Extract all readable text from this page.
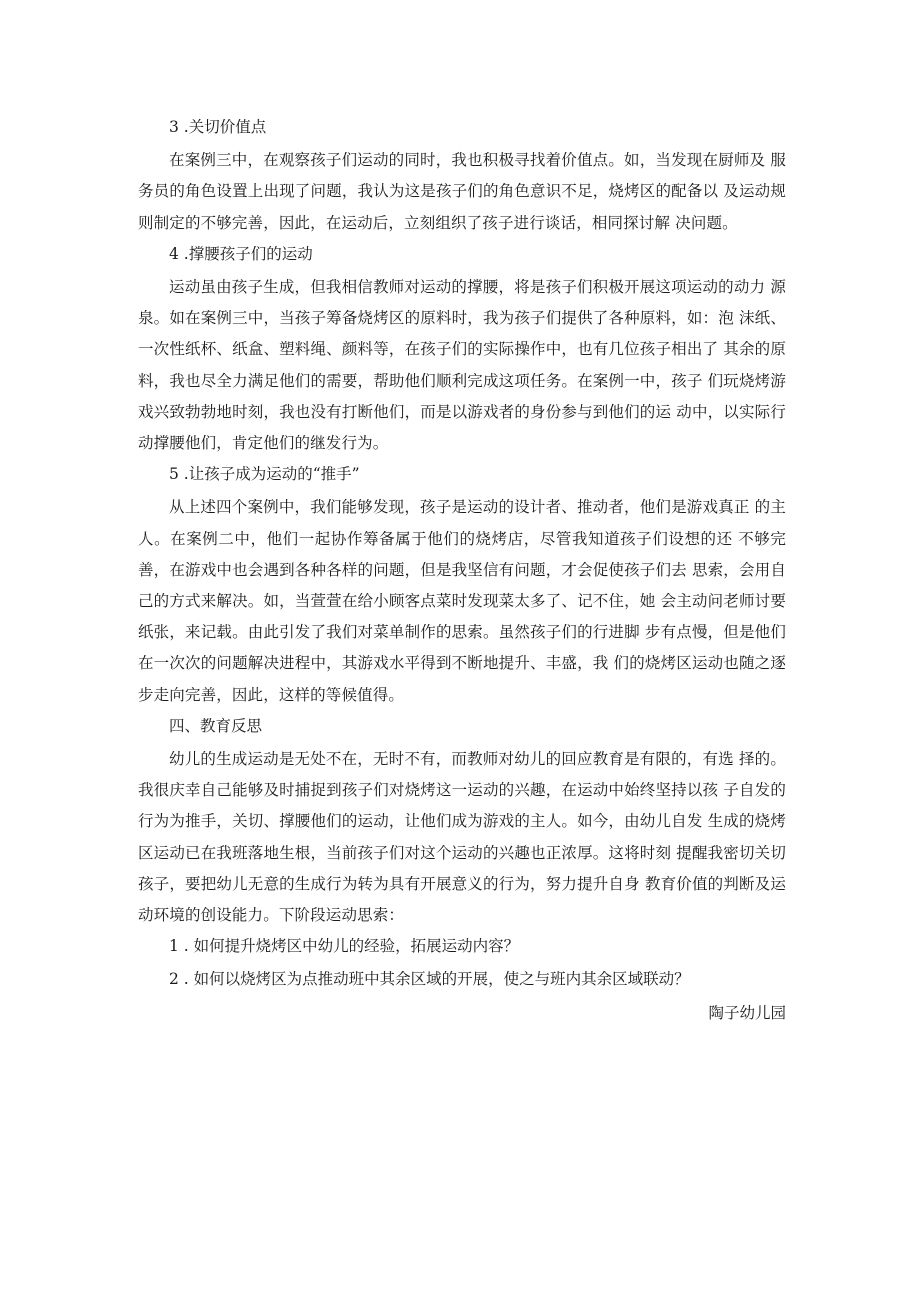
3 .关切价值点

在案例三中，在观察孩子们运动的同时，我也积极寻找着价值点。如，当发现在厨师及 服务员的角色设置上出现了问题，我认为这是孩子们的角色意识不足，烧烤区的配备以 及运动规则制定的不够完善，因此，在运动后，立刻组织了孩子进行谈话，相同探讨解 决问题。

4 .撑腰孩子们的运动

运动虽由孩子生成，但我相信教师对运动的撑腰，将是孩子们积极开展这项运动的动力 源泉。如在案例三中，当孩子筹备烧烤区的原料时，我为孩子们提供了各种原料，如：泡 沫纸、一次性纸杯、纸盒、塑料绳、颜料等，在孩子们的实际操作中，也有几位孩子相出了 其余的原料，我也尽全力满足他们的需要，帮助他们顺利完成这项任务。在案例一中，孩子 们玩烧烤游戏兴致勃勃地时刻，我也没有打断他们，而是以游戏者的身份参与到他们的运 动中，以实际行动撑腰他们，肯定他们的继发行为。

5 .让孩子成为运动的“推手”

从上述四个案例中，我们能够发现，孩子是运动的设计者、推动者，他们是游戏真正 的主人。在案例二中，他们一起协作筹备属于他们的烧烤店，尽管我知道孩子们设想的还 不够完善，在游戏中也会遇到各种各样的问题，但是我坚信有问题，才会促使孩子们去 思索，会用自己的方式来解决。如，当萱萱在给小顾客点菜时发现菜太多了、记不住，她 会主动问老师讨要纸张，来记载。由此引发了我们对菜单制作的思索。虽然孩子们的行进脚 步有点慢，但是他们在一次次的问题解决进程中，其游戏水平得到不断地提升、丰盛，我 们的烧烤区运动也随之逐步走向完善，因此，这样的等候值得。

四、教育反思

幼儿的生成运动是无处不在，无时不有，而教师对幼儿的回应教育是有限的，有选 择的。我很庆幸自己能够及时捕捉到孩子们对烧烤这一运动的兴趣，在运动中始终坚持以孩 子自发的行为为推手，关切、撑腰他们的运动，让他们成为游戏的主人。如今，由幼儿自发 生成的烧烤区运动已在我班落地生根，当前孩子们对这个运动的兴趣也正浓厚。这将时刻 提醒我密切关切孩子，要把幼儿无意的生成行为转为具有开展意义的行为，努力提升自身 教育价值的判断及运动环境的创设能力。下阶段运动思索：

1 . 如何提升烧烤区中幼儿的经验，拓展运动内容？

2 . 如何以烧烤区为点推动班中其余区域的开展，使之与班内其余区域联动？

陶子幼儿园
